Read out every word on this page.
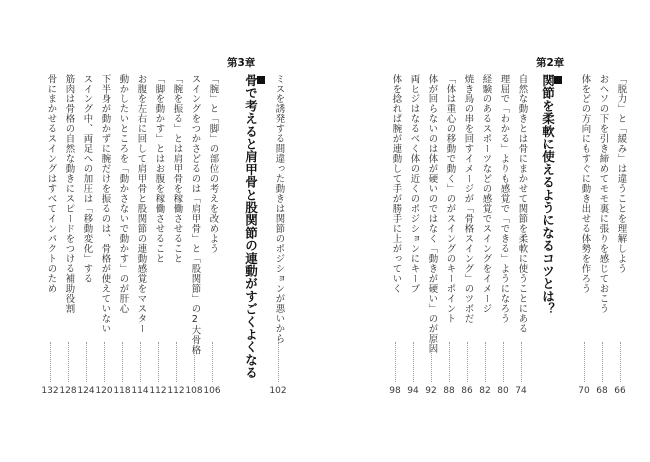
第3章
ミスを誘発する間違った動きは関節のポジションが悪いから
102
骨で考えると肩甲骨と股関節の連動がすごくよくなる
「腕」と「脚」の部位の考えを改めよう
106
スイングをつかさどるのは「肩甲骨」と「股関節」の2大骨格
108
「腕を振る」とは肩甲骨を稼働させること
112
「脚を動かす」とはお腹を稼働させること
112
お腹を左右に回して肩甲骨と股関節の連動感覚をマスター
114
動かしたいところを「動かさないで動かす」のが肝心
118
下半身が動かずに腕だけを振るのは、骨格が使えていない
120
スイング中、両足への加圧は「移動変化」する
124
筋肉は骨格の自然な動きにスピードをつける補助役割
128
骨にまかせるスイングはすべてインパクトのため
132
第2章
「脱力」と「緩み」は違うことを理解しよう
66
おヘソの下を引き締めてモモ裏に張りを感じておこう
68
体をどの方向にもすぐに動き出せる体勢を作ろう
70
関節を柔軟に使えるようになるコツとは？
自然な動きとは骨にまかせて関節を柔軟に使うことにある
74
理屈で「わかる」よりも感覚で「できる」ようになろう
80
経験のあるスポーツなどの感覚でスイングをイメージ
82
焼き鳥の串を回すイメージが「骨格スイング」のツボだ
86
「体は重心の移動で動く」のがスイングのキーポイント
88
体が回らないのは体が硬いのではなく「動きが硬い」のが原因
92
両ヒジはなるべく体の近くのポジションにキープ
94
体を捻れば腕が連動して手が勝手に上がっていく
98
